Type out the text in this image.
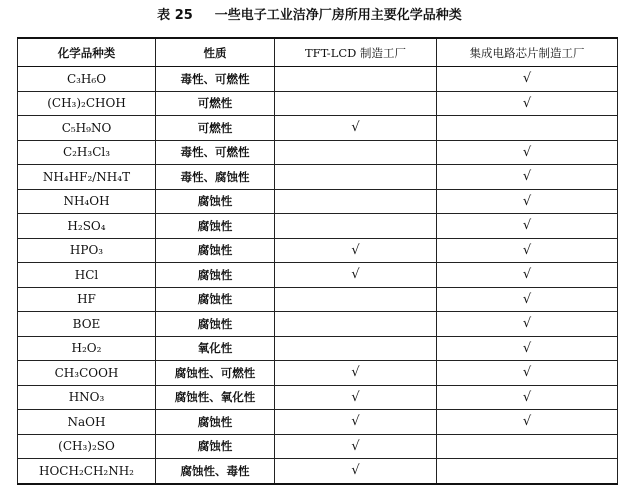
表 25 一些电子工业洁净厂房所用主要化学品种类
化学品种类	性质	TFT-LCD 制造工厂	集成电路芯片制造工厂
C₃H₆O	毒性、可燃性		√
(CH₃)₂CHOH	可燃性		√
C₅H₉NO	可燃性	√	
C₂H₃Cl₃	毒性、可燃性		√
NH₄HF₂/NH₄T	毒性、腐蚀性		√
NH₄OH	腐蚀性		√
H₂SO₄	腐蚀性		√
HPO₃	腐蚀性	√	√
HCl	腐蚀性	√	√
HF	腐蚀性		√
BOE	腐蚀性		√
H₂O₂	氧化性		√
CH₃COOH	腐蚀性、可燃性	√	√
HNO₃	腐蚀性、氧化性	√	√
NaOH	腐蚀性	√	√
(CH₃)₂SO	腐蚀性	√	
HOCH₂CH₂NH₂	腐蚀性、毒性	√	
